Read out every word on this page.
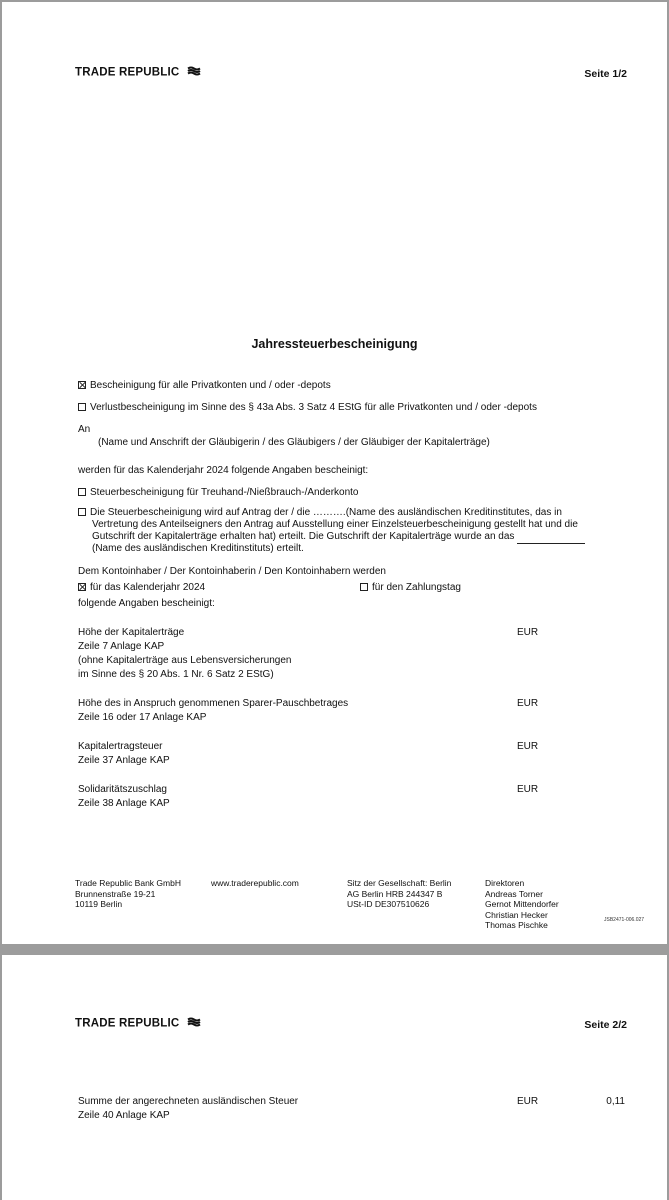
TRADE REPUBLIC	Seite 1/2
Jahressteuerbescheinigung
Bescheinigung für alle Privatkonten und / oder -depots
Verlustbescheinigung im Sinne des § 43a Abs. 3 Satz 4 EStG für alle Privatkonten und / oder -depots
An
(Name und Anschrift der Gläubigerin / des Gläubigers / der Gläubiger der Kapitalerträge)
werden für das Kalenderjahr 2024 folgende Angaben bescheinigt:
Steuerbescheinigung für Treuhand-/Nießbrauch-/Anderkonto
Die Steuerbescheinigung wird auf Antrag der / die ……….(Name des ausländischen Kreditinstitutes, das in
Vertretung des Anteilseigners den Antrag auf Ausstellung einer Einzelsteuerbescheinigung gestellt hat und die
Gutschrift der Kapitalerträge erhalten hat) erteilt. Die Gutschrift der Kapitalerträge wurde an das
(Name des ausländischen Kreditinstituts) erteilt.
Dem Kontoinhaber / Der Kontoinhaberin / Den Kontoinhabern werden
für das Kalenderjahr 2024	für den Zahlungstag
folgende Angaben bescheinigt:
Höhe der Kapitalerträge
Zeile 7 Anlage KAP
(ohne Kapitalerträge aus Lebensversicherungen
im Sinne des § 20 Abs. 1 Nr. 6 Satz 2 EStG)
EUR
Höhe des in Anspruch genommenen Sparer-Pauschbetrages
Zeile 16 oder 17 Anlage KAP
EUR
Kapitalertragsteuer
Zeile 37 Anlage KAP
EUR
Solidaritätszuschlag
Zeile 38 Anlage KAP
EUR
Trade Republic Bank GmbH
Brunnenstraße 19-21
10119 Berlin
www.traderepublic.com	Sitz der Gesellschaft: Berlin
AG Berlin HRB 244347 B
USt-ID DE307510626
Direktoren
Andreas Torner
Gernot Mittendorfer
Christian Hecker
Thomas Pischke	JSB2471-006.027
TRADE REPUBLIC	Seite 2/2
Summe der angerechneten ausländischen Steuer
Zeile 40 Anlage KAP
EUR	0,11
